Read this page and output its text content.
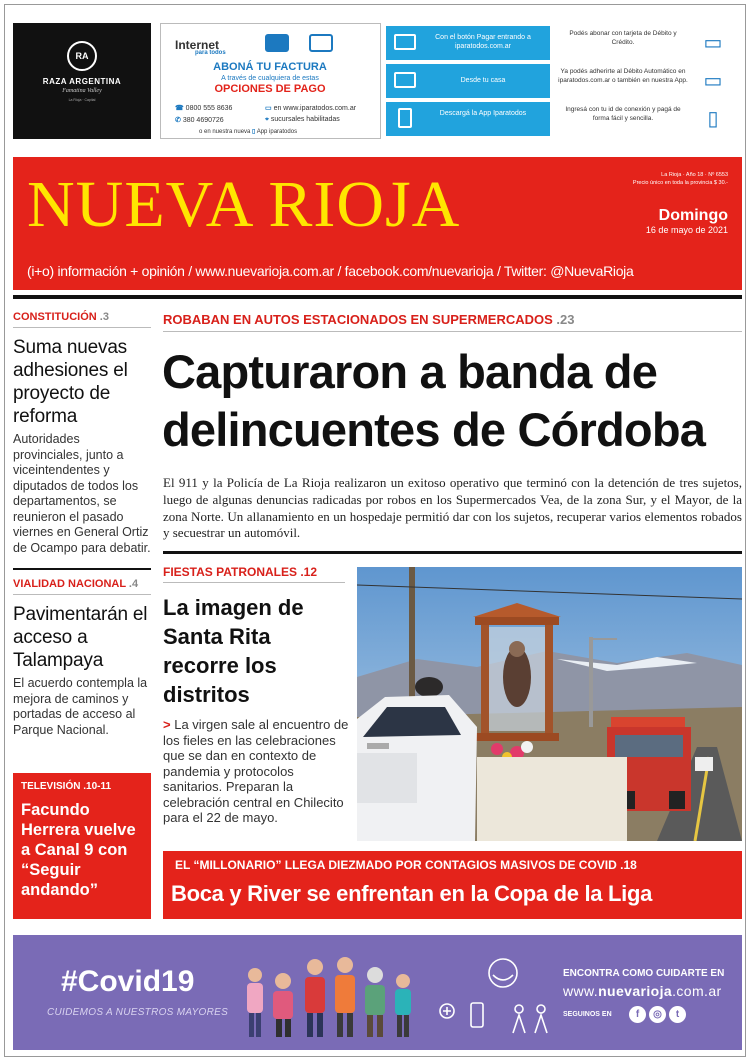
RA
RAZA ARGENTINA
Famatina Valley
La Rioja · Capital
Internet
para todos
ABONÁ TU FACTURA
A través de cualquiera de estas
OPCIONES DE PAGO
☎ 0800 555 8636
✆ 380 4690726
▭ en www.iparatodos.com.ar
⌖ sucursales habilitadas
o en nuestra nueva ▯ App iparatodos
Con el botón Pagar entrando a iparatodos.com.ar
Podés abonar con tarjeta de Débito y Crédito.	▭
Desde tu casa
Ya podés adherirte al Débito Automático en iparatodos.com.ar o también en nuestra App. ▭
Descargá la App Iparatodos
Ingresá con tu id de conexión y pagá de forma fácil y sencilla.	▯
NUEVA RIOJA	La Rioja · Año 18 · Nº 6553
Precio único en toda la provincia $ 30.-
Domingo
16 de mayo de 2021
(i+o) información + opinión / www.nuevarioja.com.ar / facebook.com/nuevarioja / Twitter: @NuevaRioja
CONSTITUCIÓN .3
Suma nuevas adhesiones el proyecto de reforma
Autoridades provinciales, junto a viceintendentes y diputados de todos los departamentos, se reunieron el pasado viernes en General Ortiz de Ocampo para debatir.
VIALIDAD NACIONAL .4
Pavimentarán el acceso a Talampaya
El acuerdo contempla la mejora de caminos y portadas de acceso al Parque Nacional.
TELEVISIÓN .10-11
Facundo Herrera vuelve a Canal 9 con “Seguir andando”
ROBABAN EN AUTOS ESTACIONADOS EN SUPERMERCADOS .23
Capturaron a banda de delincuentes de Córdoba
El 911 y la Policía de La Rioja realizaron un exitoso operativo que terminó con la detención de tres sujetos, luego de algunas denuncias radicadas por robos en los Supermercados Vea, de la zona Sur, y el Mayor, de la zona Norte. Un allanamiento en un hospedaje permitió dar con los sujetos, recuperar varios elementos robados y secuestrar un automóvil.
FIESTAS PATRONALES .12
La imagen de Santa Rita recorre los distritos
> La virgen sale al encuentro de los fieles en las celebraciones que se dan en contexto de pandemia y protocolos sanitarios. Preparan la celebración central en Chilecito para el 22 de mayo.
EL “MILLONARIO” LLEGA DIEZMADO POR CONTAGIOS MASIVOS DE COVID .18
Boca y River se enfrentan en la Copa de la Liga
#Covid19
CUIDEMOS A NUESTROS MAYORES
ENCONTRA COMO CUIDARTE EN
www.nuevarioja.com.ar
SEGUINOS EN	f	◎	t
